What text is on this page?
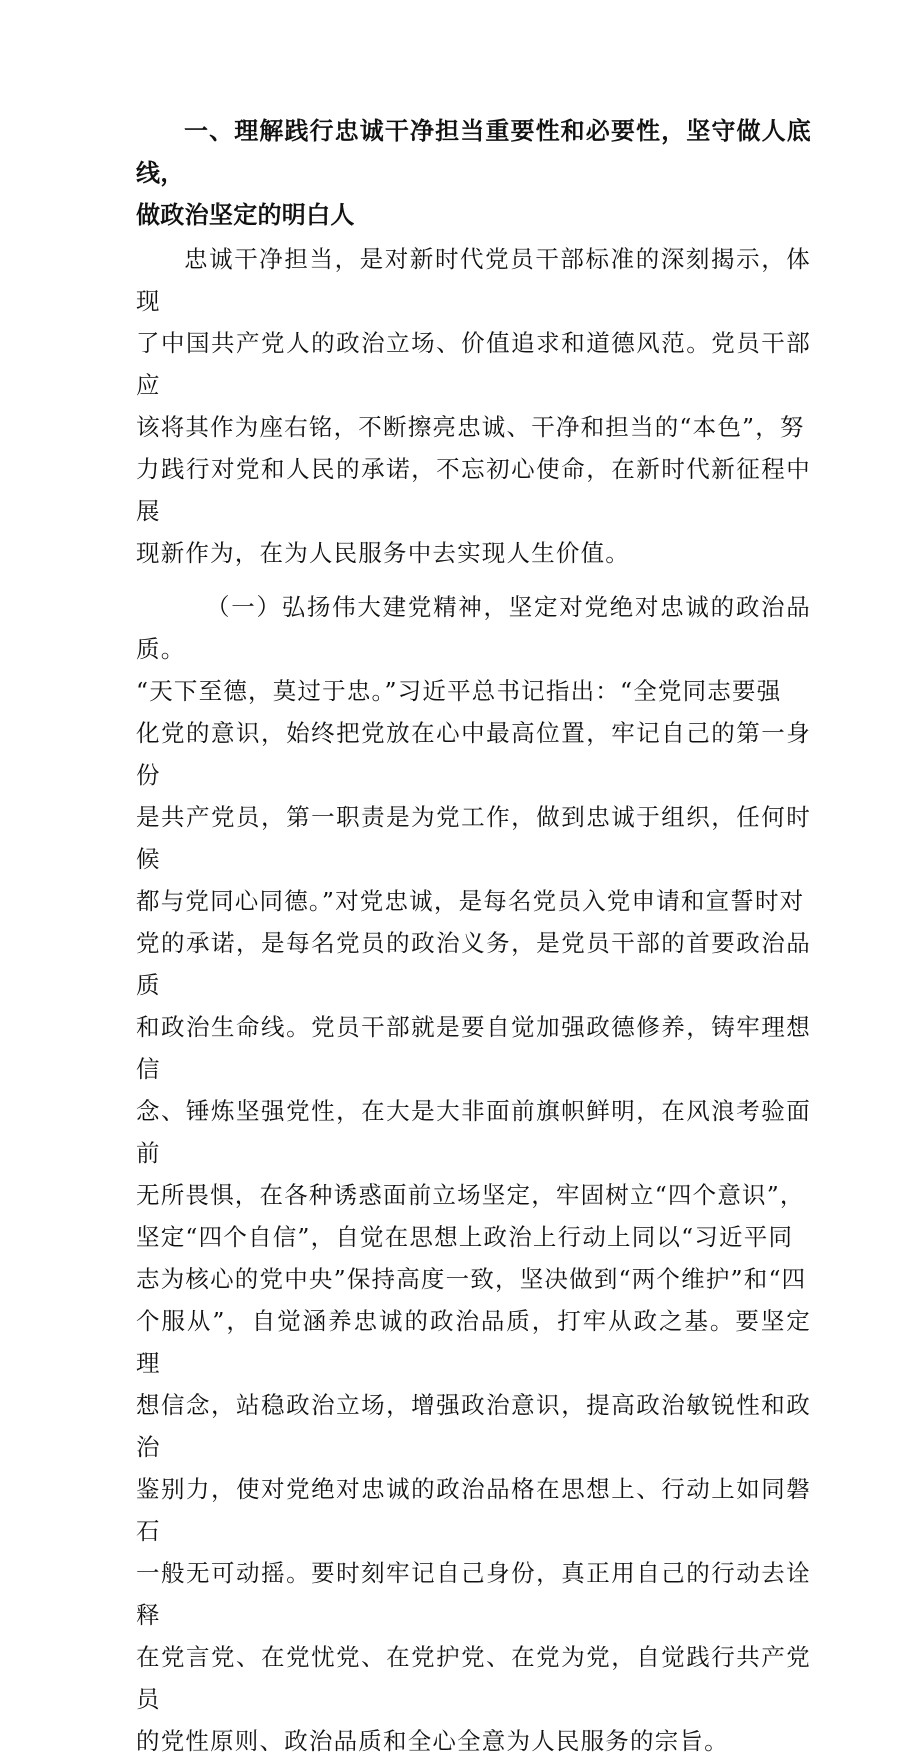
一、理解践行忠诚干净担当重要性和必要性，坚守做人底线，
做政治坚定的明白人

忠诚干净担当，是对新时代党员干部标准的深刻揭示，体现
了中国共产党人的政治立场、价值追求和道德风范。党员干部应
该将其作为座右铭，不断擦亮忠诚、干净和担当的“本色”，努
力践行对党和人民的承诺，不忘初心使命，在新时代新征程中展
现新作为，在为人民服务中去实现人生价值。

（一）弘扬伟大建党精神，坚定对党绝对忠诚的政治品质。
“天下至德，莫过于忠。”习近平总书记指出：“全党同志要强
化党的意识，始终把党放在心中最高位置，牢记自己的第一身份
是共产党员，第一职责是为党工作，做到忠诚于组织，任何时候
都与党同心同德。”对党忠诚，是每名党员入党申请和宣誓时对
党的承诺，是每名党员的政治义务，是党员干部的首要政治品质
和政治生命线。党员干部就是要自觉加强政德修养，铸牢理想信
念、锤炼坚强党性，在大是大非面前旗帜鲜明，在风浪考验面前
无所畏惧，在各种诱惑面前立场坚定，牢固树立“四个意识”，
坚定“四个自信”，自觉在思想上政治上行动上同以“习近平同
志为核心的党中央”保持高度一致，坚决做到“两个维护”和“四
个服从”，自觉涵养忠诚的政治品质，打牢从政之基。要坚定理
想信念，站稳政治立场，增强政治意识，提高政治敏锐性和政治
鉴别力，使对党绝对忠诚的政治品格在思想上、行动上如同磐石
一般无可动摇。要时刻牢记自己身份，真正用自己的行动去诠释
在党言党、在党忧党、在党护党、在党为党，自觉践行共产党员
的党性原则、政治品质和全心全意为人民服务的宗旨。
